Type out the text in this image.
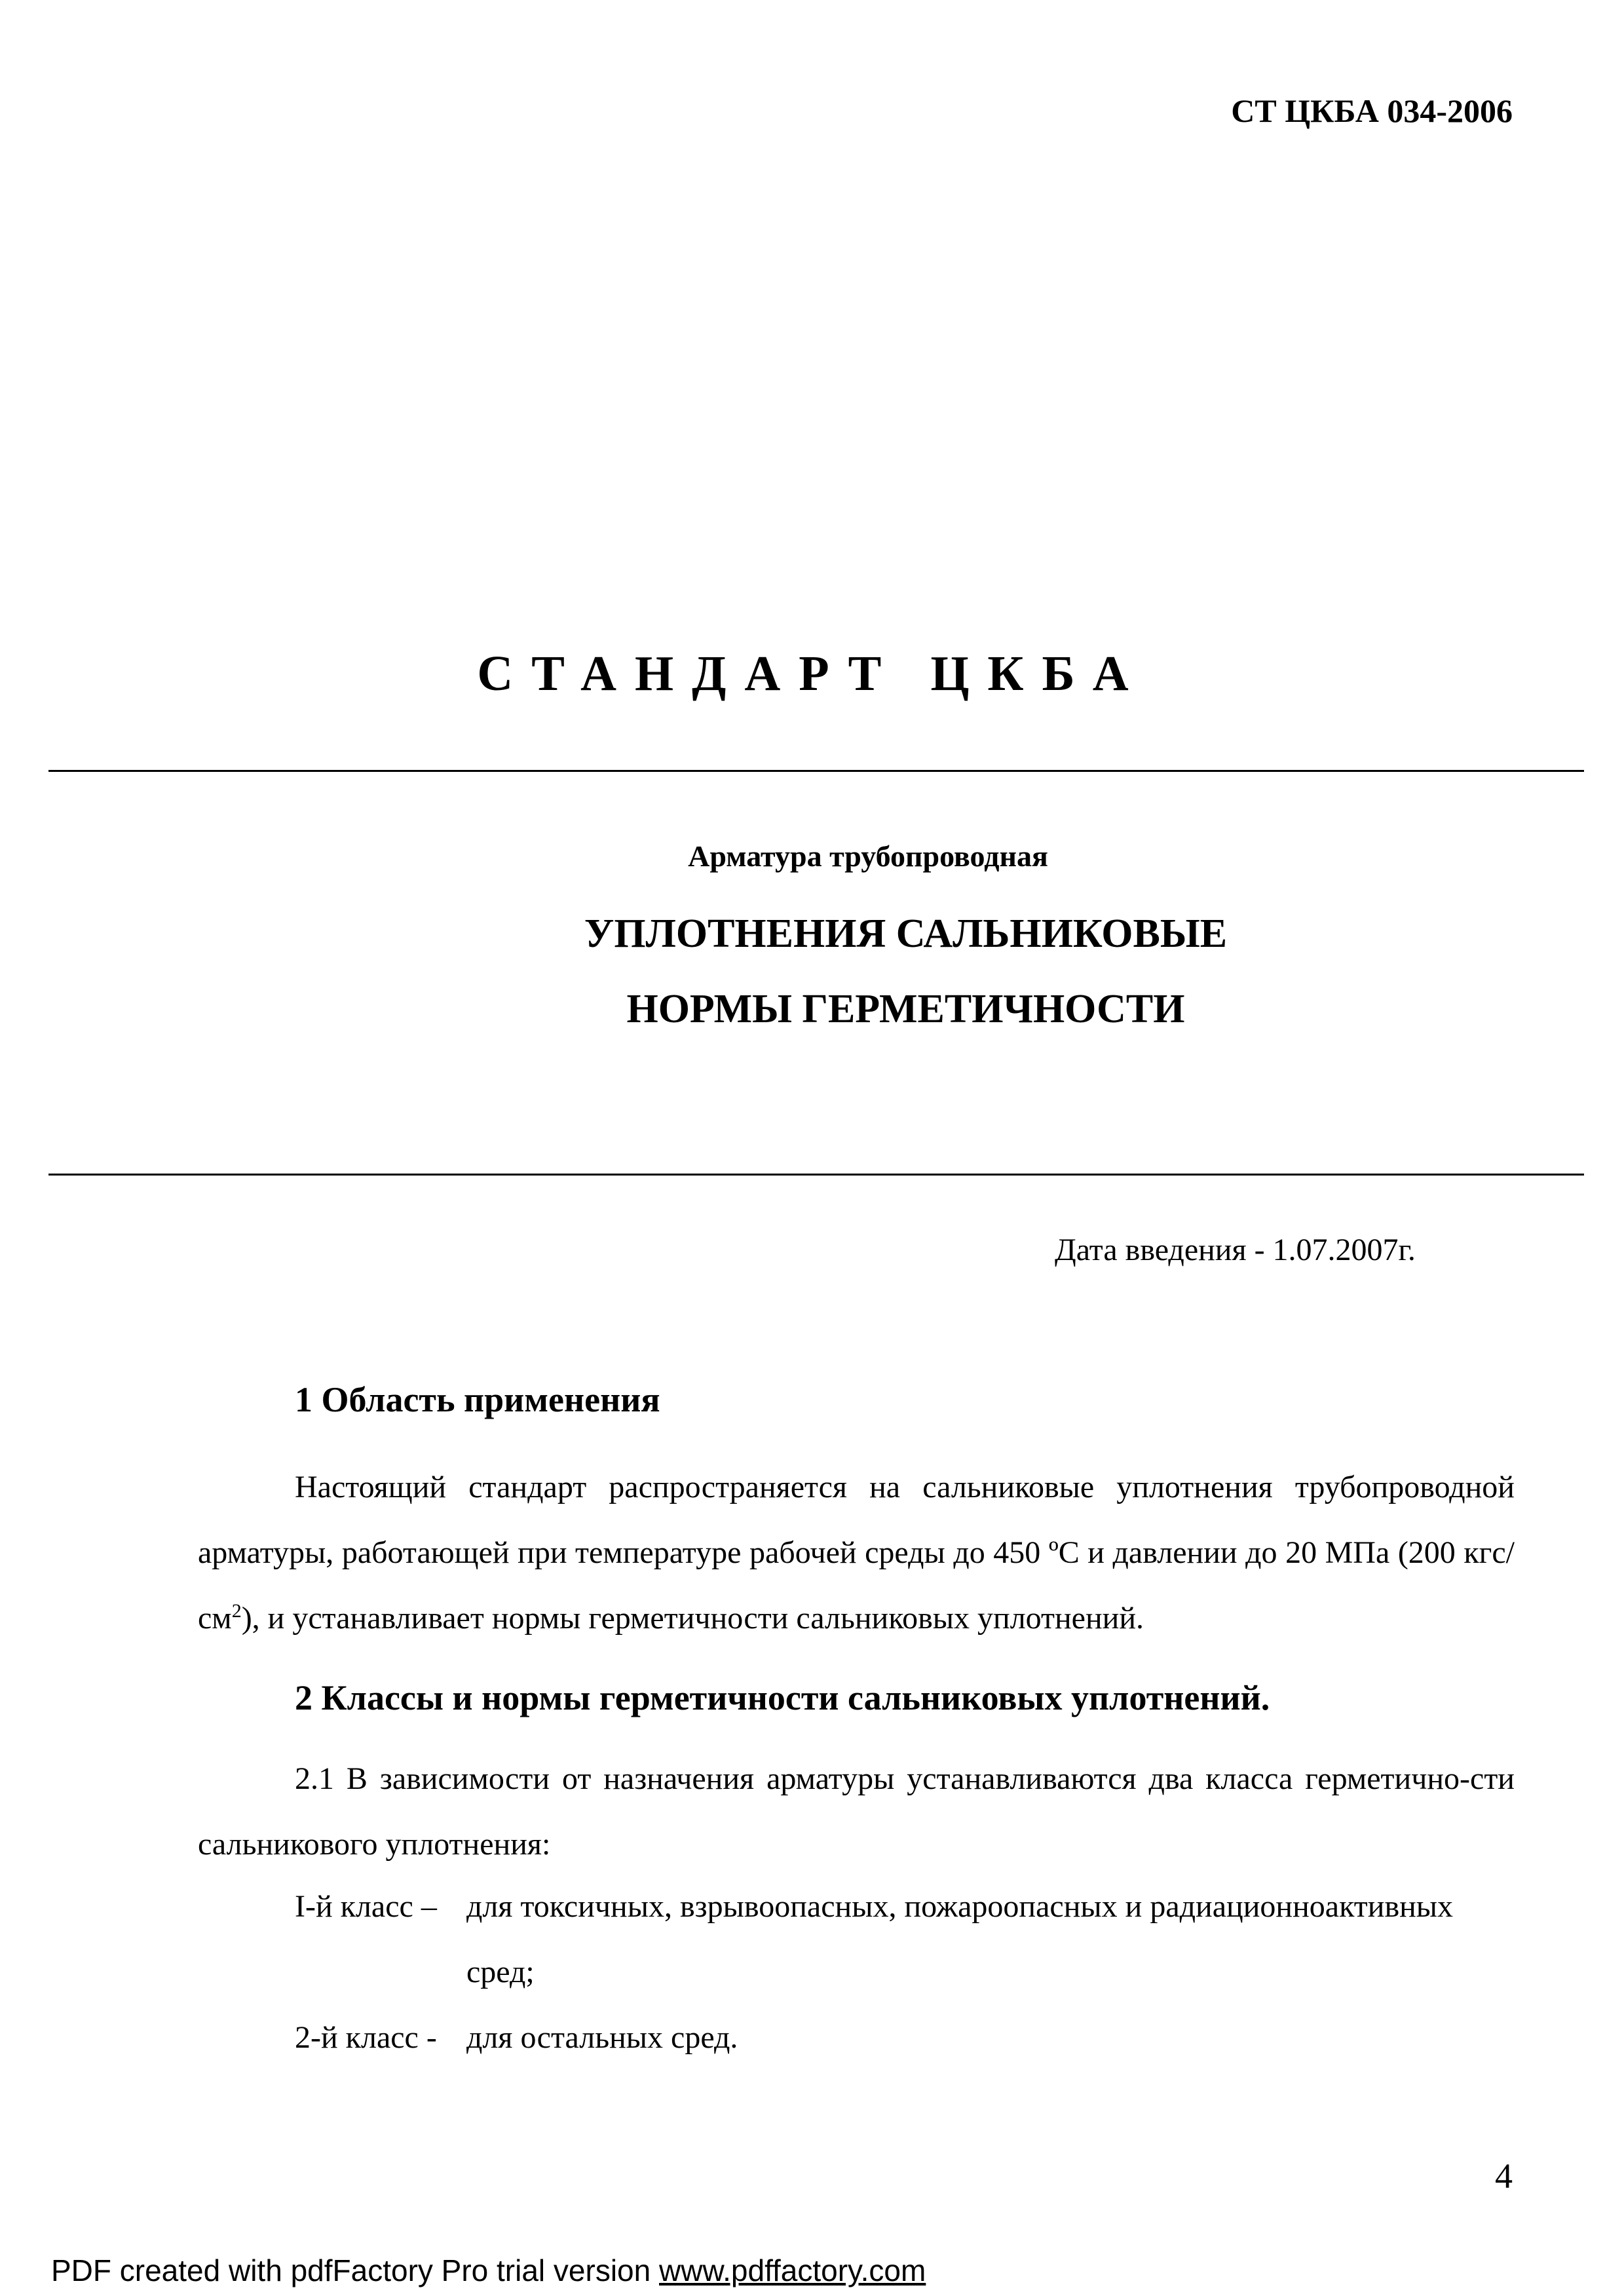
СТ ЦКБА 034-2006
СТАНДАРТ ЦКБА
Арматура трубопроводная
УПЛОТНЕНИЯ САЛЬНИКОВЫЕ
НОРМЫ ГЕРМЕТИЧНОСТИ
Дата введения - 1.07.2007г.
1 Область применения

Настоящий стандарт распространяется на сальниковые уплотнения трубопроводной арматуры, работающей при температуре рабочей среды до 450 ºС и давлении до 20 МПа (200 кгс/$см^2$), и устанавливает нормы герметичности сальниковых уплотнений.

2 Классы и нормы герметичности сальниковых уплотнений.

2.1 В зависимости от назначения арматуры устанавливаются два класса герметично-сти сальникового уплотнения:

I-й класс – для токсичных, взрывоопасных, пожароопасных и радиационноактивных сред;
2-й класс - для остальных сред.
4
PDF created with pdfFactory Pro trial version www.pdffactory.com
